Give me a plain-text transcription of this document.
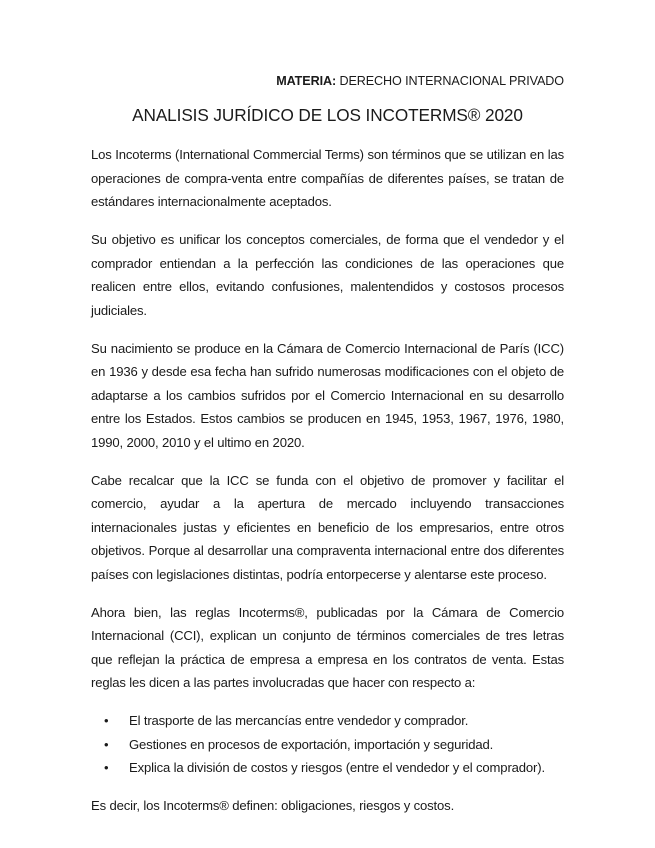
MATERIA: DERECHO INTERNACIONAL PRIVADO
ANALISIS JURÍDICO DE LOS INCOTERMS® 2020

Los Incoterms (International Commercial Terms) son términos que se utilizan en las operaciones de compra-venta entre compañías de diferentes países, se tratan de estándares internacionalmente aceptados.

Su objetivo es unificar los conceptos comerciales, de forma que el vendedor y el comprador entiendan a la perfección las condiciones de las operaciones que realicen entre ellos, evitando confusiones, malentendidos y costosos procesos judiciales.

Su nacimiento se produce en la Cámara de Comercio Internacional de París (ICC) en 1936 y desde esa fecha han sufrido numerosas modificaciones con el objeto de adaptarse a los cambios sufridos por el Comercio Internacional en su desarrollo entre los Estados. Estos cambios se producen en 1945, 1953, 1967, 1976, 1980, 1990, 2000, 2010 y el ultimo en 2020.

Cabe recalcar que la ICC se funda con el objetivo de promover y facilitar el comercio, ayudar a la apertura de mercado incluyendo transacciones internacionales justas y eficientes en beneficio de los empresarios, entre otros objetivos. Porque al desarrollar una compraventa internacional entre dos diferentes países con legislaciones distintas, podría entorpecerse y alentarse este proceso.

Ahora bien, las reglas Incoterms®, publicadas por la Cámara de Comercio Internacional (CCI), explican un conjunto de términos comerciales de tres letras que reflejan la práctica de empresa a empresa en los contratos de venta. Estas reglas les dicen a las partes involucradas que hacer con respecto a:

• El trasporte de las mercancías entre vendedor y comprador.
• Gestiones en procesos de exportación, importación y seguridad.
• Explica la división de costos y riesgos (entre el vendedor y el comprador).

Es decir, los Incoterms® definen: obligaciones, riesgos y costos.
